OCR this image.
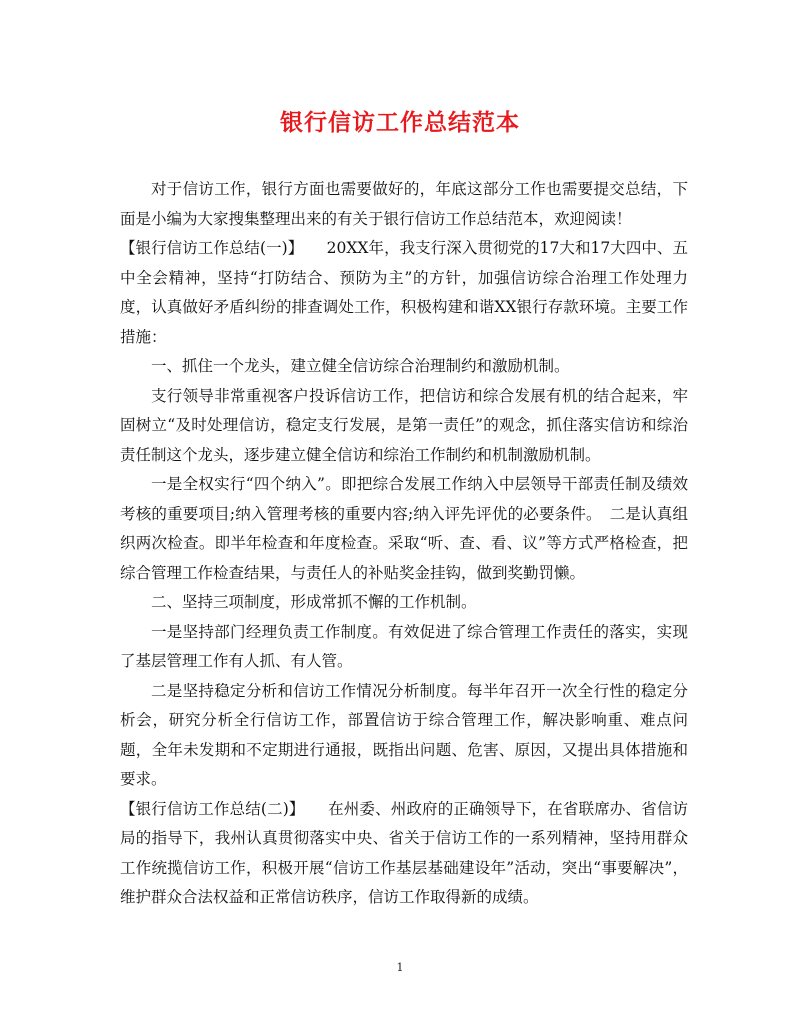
银行信访工作总结范本

对于信访工作，银行方面也需要做好的，年底这部分工作也需要提交总结，下面是小编为大家搜集整理出来的有关于银行信访工作总结范本，欢迎阅读！

【银行信访工作总结(一)】　　20XX年，我支行深入贯彻党的17大和17大四中、五中全会精神，坚持“打防结合、预防为主”的方针，加强信访综合治理工作处理力度，认真做好矛盾纠纷的排查调处工作，积极构建和谐XX银行存款环境。主要工作措施：

一、抓住一个龙头，建立健全信访综合治理制约和激励机制。

支行领导非常重视客户投诉信访工作，把信访和综合发展有机的结合起来，牢固树立“及时处理信访，稳定支行发展，是第一责任”的观念，抓住落实信访和综治责任制这个龙头，逐步建立健全信访和综治工作制约和机制激励机制。

一是全权实行“四个纳入”。即把综合发展工作纳入中层领导干部责任制及绩效考核的重要项目;纳入管理考核的重要内容;纳入评先评优的必要条件。　二是认真组织两次检查。即半年检查和年度检查。采取“听、查、看、议”等方式严格检查，把综合管理工作检查结果，与责任人的补贴奖金挂钩，做到奖勤罚懒。

二、坚持三项制度，形成常抓不懈的工作机制。

一是坚持部门经理负责工作制度。有效促进了综合管理工作责任的落实，实现了基层管理工作有人抓、有人管。

二是坚持稳定分析和信访工作情况分析制度。每半年召开一次全行性的稳定分析会，研究分析全行信访工作，部置信访于综合管理工作，解决影响重、难点问题，全年未发期和不定期进行通报，既指出问题、危害、原因，又提出具体措施和要求。

【银行信访工作总结(二)】　　在州委、州政府的正确领导下，在省联席办、省信访局的指导下，我州认真贯彻落实中央、省关于信访工作的一系列精神，坚持用群众工作统揽信访工作，积极开展“信访工作基层基础建设年”活动，突出“事要解决”，维护群众合法权益和正常信访秩序，信访工作取得新的成绩。

1
